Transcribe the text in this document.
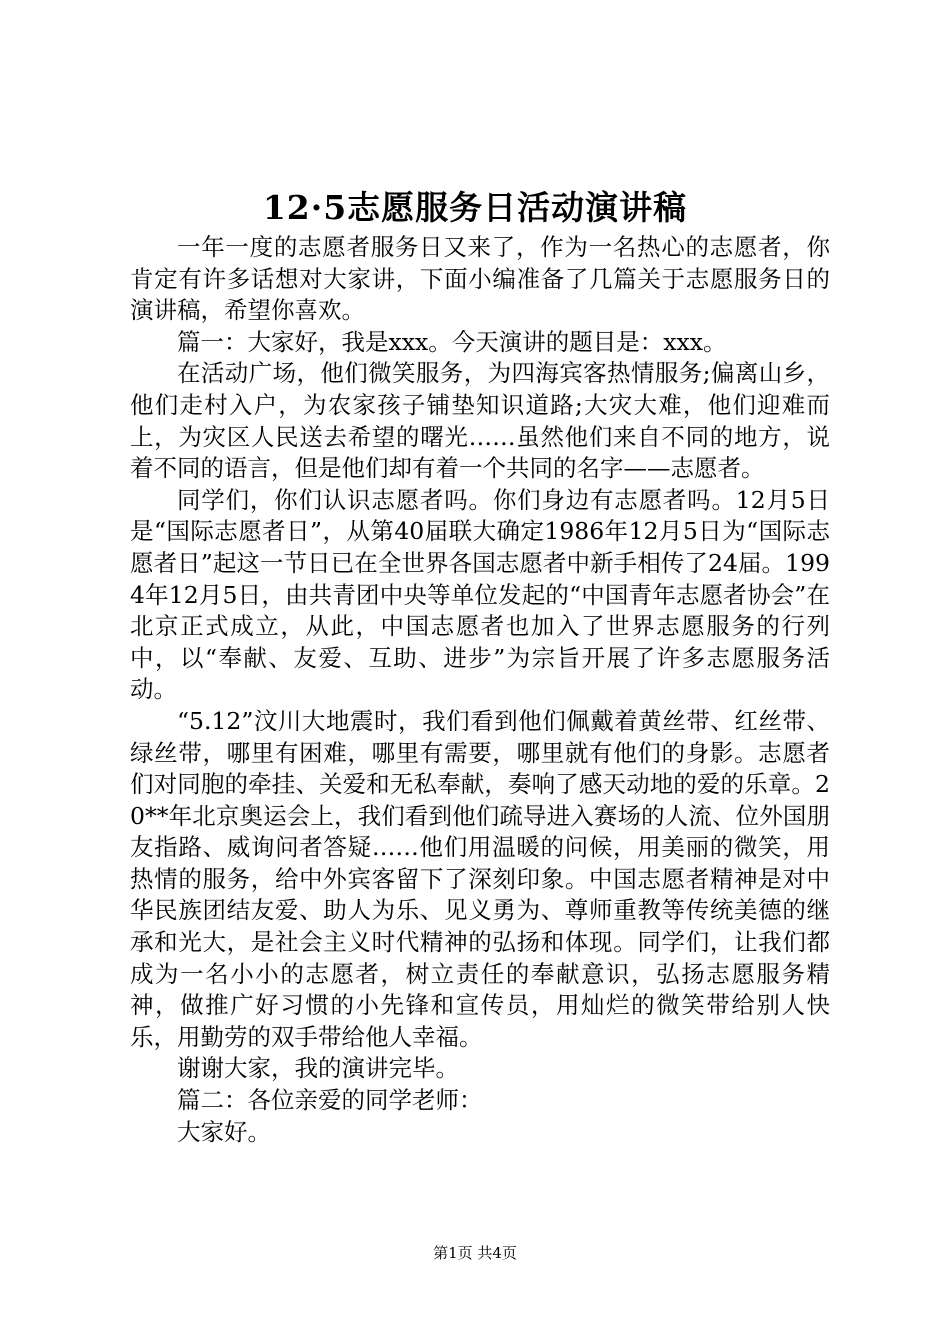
12·5志愿服务日活动演讲稿

一年一度的志愿者服务日又来了，作为一名热心的志愿者，你肯定有许多话想对大家讲，下面小编准备了几篇关于志愿服务日的演讲稿，希望你喜欢。

篇一：大家好，我是xxx。今天演讲的题目是：xxx。

在活动广场，他们微笑服务，为四海宾客热情服务;偏离山乡，他们走村入户，为农家孩子铺垫知识道路;大灾大难，他们迎难而上，为灾区人民送去希望的曙光……虽然他们来自不同的地方，说着不同的语言，但是他们却有着一个共同的名字——志愿者。

同学们，你们认识志愿者吗。你们身边有志愿者吗。12月5日是“国际志愿者日”，从第40届联大确定1986年12月5日为“国际志愿者日”起这一节日已在全世界各国志愿者中新手相传了24届。1994年12月5日，由共青团中央等单位发起的“中国青年志愿者协会”在北京正式成立，从此，中国志愿者也加入了世界志愿服务的行列中，以“奉献、友爱、互助、进步”为宗旨开展了许多志愿服务活动。

“5.12”汶川大地震时，我们看到他们佩戴着黄丝带、红丝带、绿丝带，哪里有困难，哪里有需要，哪里就有他们的身影。志愿者们对同胞的牵挂、关爱和无私奉献，奏响了感天动地的爱的乐章。20**年北京奥运会上，我们看到他们疏导进入赛场的人流、位外国朋友指路、威询问者答疑……他们用温暖的问候，用美丽的微笑，用热情的服务，给中外宾客留下了深刻印象。中国志愿者精神是对中华民族团结友爱、助人为乐、见义勇为、尊师重教等传统美德的继承和光大，是社会主义时代精神的弘扬和体现。同学们，让我们都成为一名小小的志愿者，树立责任的奉献意识，弘扬志愿服务精神，做推广好习惯的小先锋和宣传员，用灿烂的微笑带给别人快乐，用勤劳的双手带给他人幸福。

谢谢大家，我的演讲完毕。

篇二：各位亲爱的同学老师：

大家好。

第1页 共4页
